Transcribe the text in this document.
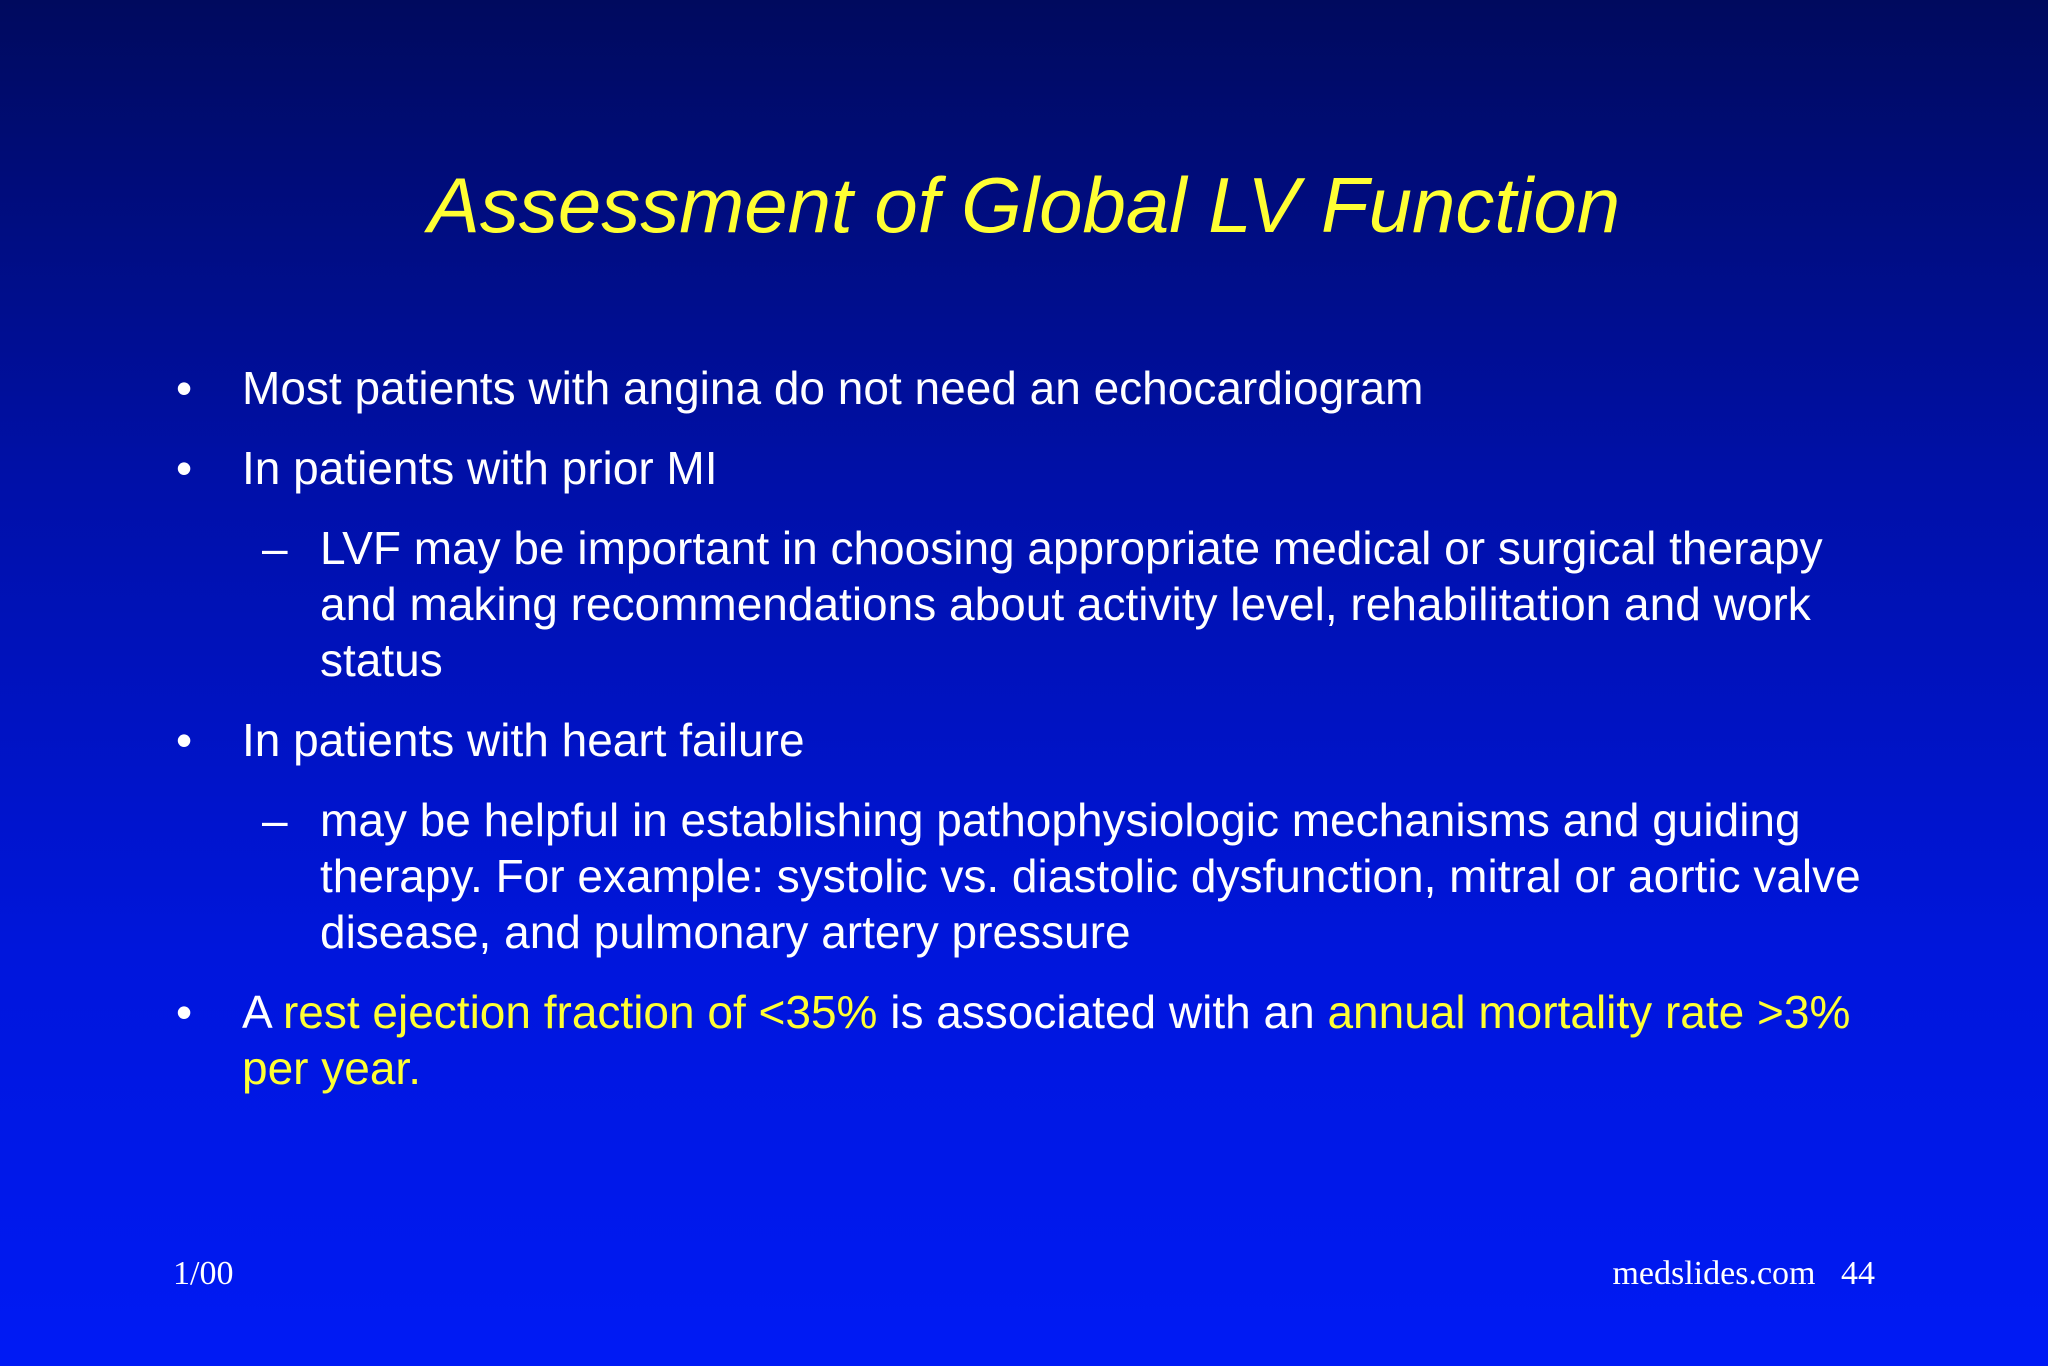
Assessment of Global LV Function
• Most patients with angina do not need an echocardiogram
• In patients with prior MI
– LVF may be important in choosing appropriate medical or surgical therapy and making recommendations about activity level, rehabilitation and work status
• In patients with heart failure
– may be helpful in establishing pathophysiologic mechanisms and guiding therapy. For example: systolic vs. diastolic dysfunction, mitral or aortic valve disease, and pulmonary artery pressure
• A rest ejection fraction of <35% is associated with an annual mortality rate >3% per year.
1/00	medslides.com 44
